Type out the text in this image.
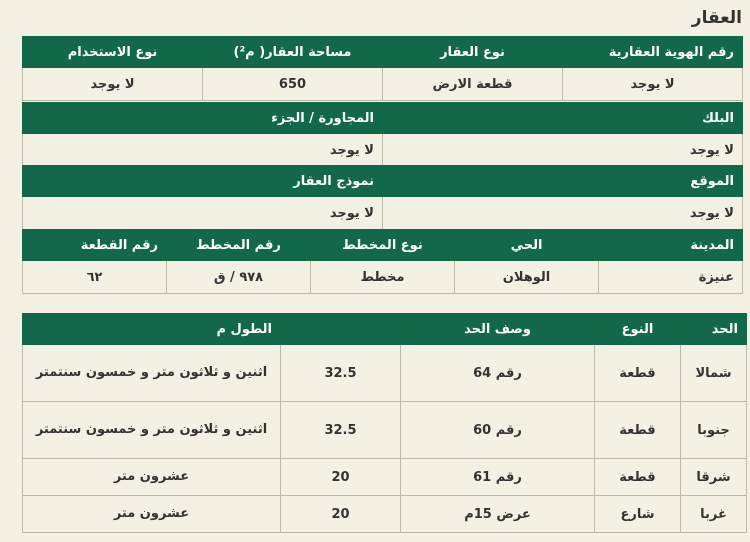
العقار
رقم الهوية العقارية	نوع العقار	مساحة العقار( م²)	نوع الاستخدام
لا يوجد	قطعة الارض	650	لا يوجد
البلك	المجاورة / الجزء
لا يوجد	لا يوجد
الموقع	نموذج العقار
لا يوجد	لا يوجد
المدينة	الحي	نوع المخطط	رقم المخطط	رقم القطعة
عنيزة	الوهلان	مخطط	٩٧٨ / ق	٦٢
الحد	النوع	وصف الحد		الطول م
شمالا	قطعة	رقم 64	32.5	اثنين و ثلاثون متر و خمسون سنتمتر
جنوبا	قطعة	رقم 60	32.5	اثنين و ثلاثون متر و خمسون سنتمتر
شرقا	قطعة	رقم 61	20	عشرون متر
غربا	شارع	عرض 15م	20	عشرون متر
